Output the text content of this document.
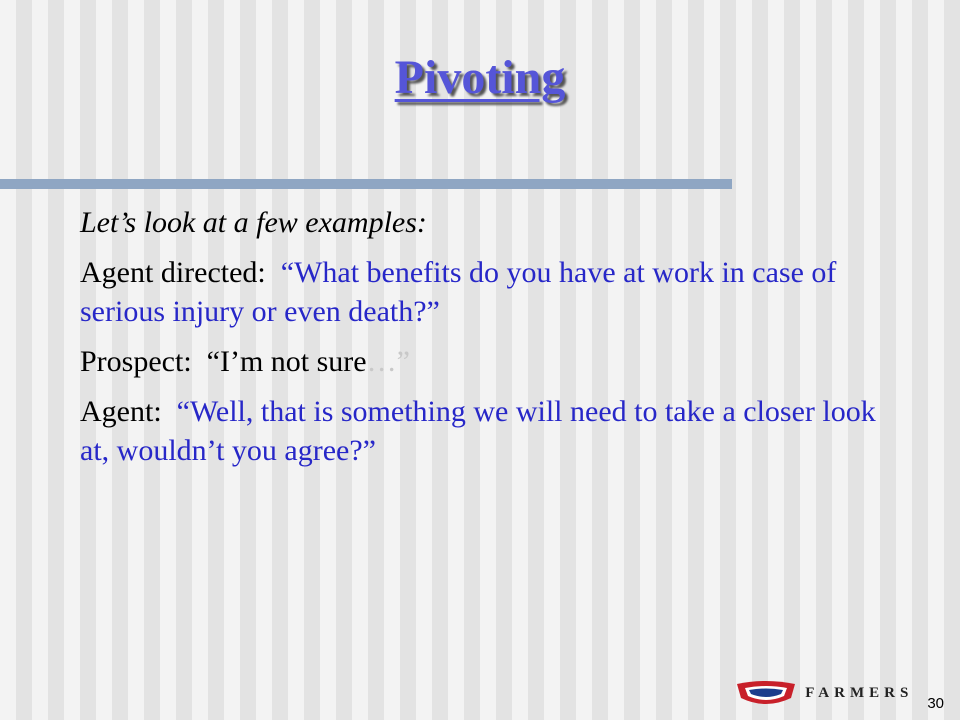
Pivoting

Let’s look at a few examples:

Agent directed: “What benefits do you have at work in case of serious injury or even death?”

Prospect: “I’m not sure…”

Agent: “Well, that is something we will need to take a closer look at, wouldn’t you agree?”

FARMERS
30
